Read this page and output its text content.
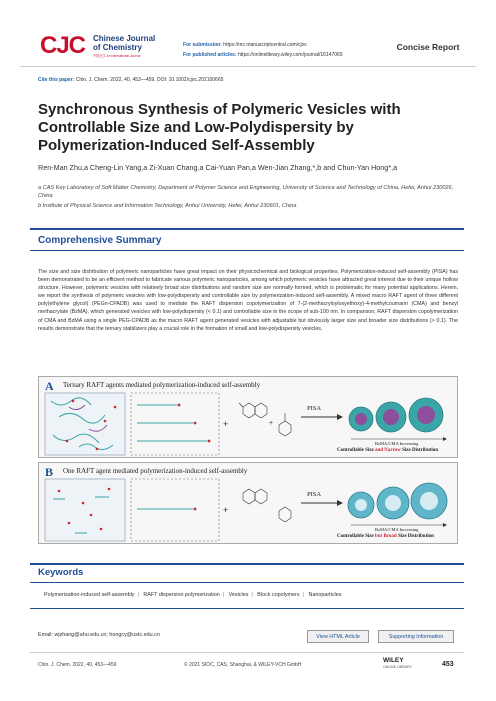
CJC Chinese Journal
of Chemistry
中国化学 An International Journal
For submission: https://mc.manuscriptcentral.com/cjoc
For published articles: https://onlinelibrary.wiley.com/journal/16147065
Concise Report
Cite this paper: Chin. J. Chem. 2022, 40, 453—459. DOI: 10.1002/cjoc.202100665
Synchronous Synthesis of Polymeric Vesicles with Controllable Size and Low-Polydispersity by Polymerization-Induced Self-Assembly
Ren-Man Zhu,a Cheng-Lin Yang,a Zi-Xuan Chang,a Cai-Yuan Pan,a Wen-Jian Zhang,*,b and Chun-Yan Hong*,a
a CAS Key Laboratory of Soft Matter Chemistry, Department of Polymer Science and Engineering, University of Science and Technology of China, Hefei, Anhui 230026, China
b Institute of Physical Science and Information Technology, Anhui University, Hefei, Anhui 230601, China
Comprehensive Summary
The size and size distribution of polymeric nanoparticles have great impact on their physicochemical and biological properties. Polymerization-induced self-assembly (PISA) has been demonstrated to be an efficient method to fabricate various polymeric nanoparticles, among which polymeric vesicles have attracted great interest due to their unique hollow structure. However, polymeric vesicles with relatively broad size distributions and random size are normally formed, which is problematic for many potential applications. Herein, we report the synthesis of polymeric vesicles with low-polydispersity and controllable size by polymerization-induced self-assembly. A mixed macro RAFT agent of three different poly(ethylene glycol) (PEGn-CPADB) was used to mediate the RAFT dispersion copolymerization of 7-(2-methacryloyloxyethoxy)-4-methylcoumarin (CMA) and benzyl methacrylate (BzMA), which generated vesicles with low-polydispersity (< 0.1) and controllable size in the scope of sub-100 nm. In comparison, RAFT dispersion copolymerization of CMA and BzMA using a single PEG-CPADB as the macro RAFT agent generated vesicles with adjustable but obviously larger size and broader size distributions (> 0.1). The results demonstrate that the ternary stabilizers play a crucial role in the formation of small and low-polydispersity vesicles.
A Ternary RAFT agents mediated polymerization-induced self-assembly
+	+
PISA
BzMA/CMA Increasing
Controllable Size and Narrow Size Distribution
B One RAFT agent mediated polymerization-induced self-assembly
+
PISA
BzMA/CMA Increasing
Controllable Size but Broad Size Distribution
Keywords
Polymerization-induced self-assembly | RAFT dispersion polymerization | Vesicles | Block copolymers | Nanoparticles
Email: wjzhang@ahu.edu.cn; hongcy@ustc.edu.cn	View HTML Article	Supporting Information
Chin. J. Chem. 2022, 40, 453—459	© 2021 SIOC, CAS, Shanghai, & WILEY-VCH GmbH
WILEY
ONLINE LIBRARY	453
